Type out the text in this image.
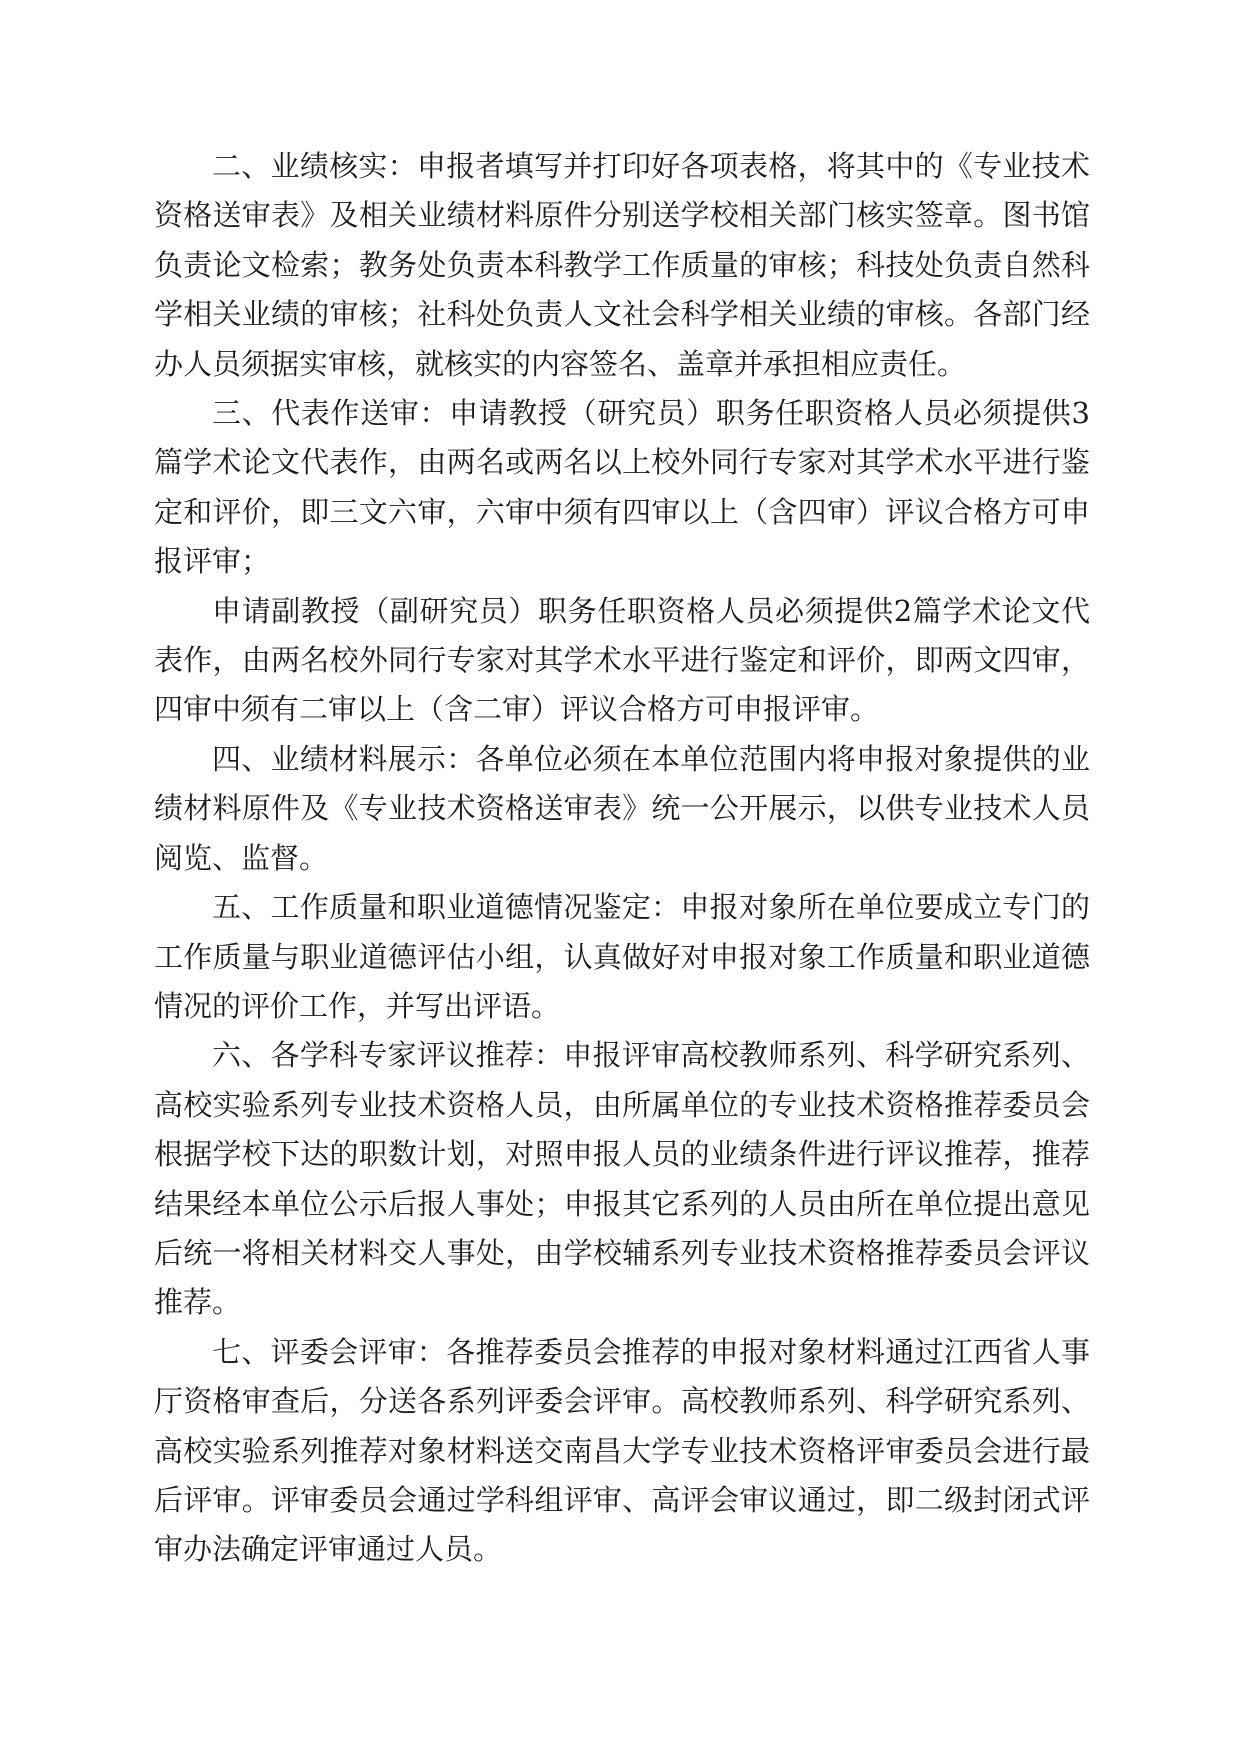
二、业绩核实：申报者填写并打印好各项表格，将其中的《专业技术资格送审表》及相关业绩材料原件分别送学校相关部门核实签章。图书馆负责论文检索；教务处负责本科教学工作质量的审核；科技处负责自然科学相关业绩的审核；社科处负责人文社会科学相关业绩的审核。各部门经办人员须据实审核，就核实的内容签名、盖章并承担相应责任。

三、代表作送审：申请教授（研究员）职务任职资格人员必须提供3篇学术论文代表作，由两名或两名以上校外同行专家对其学术水平进行鉴定和评价，即三文六审，六审中须有四审以上（含四审）评议合格方可申报评审；

申请副教授（副研究员）职务任职资格人员必须提供2篇学术论文代表作，由两名校外同行专家对其学术水平进行鉴定和评价，即两文四审，四审中须有二审以上（含二审）评议合格方可申报评审。

四、业绩材料展示：各单位必须在本单位范围内将申报对象提供的业绩材料原件及《专业技术资格送审表》统一公开展示，以供专业技术人员阅览、监督。

五、工作质量和职业道德情况鉴定：申报对象所在单位要成立专门的工作质量与职业道德评估小组，认真做好对申报对象工作质量和职业道德情况的评价工作，并写出评语。

六、各学科专家评议推荐：申报评审高校教师系列、科学研究系列、高校实验系列专业技术资格人员，由所属单位的专业技术资格推荐委员会根据学校下达的职数计划，对照申报人员的业绩条件进行评议推荐，推荐结果经本单位公示后报人事处；申报其它系列的人员由所在单位提出意见后统一将相关材料交人事处，由学校辅系列专业技术资格推荐委员会评议推荐。

七、评委会评审：各推荐委员会推荐的申报对象材料通过江西省人事厅资格审查后，分送各系列评委会评审。高校教师系列、科学研究系列、高校实验系列推荐对象材料送交南昌大学专业技术资格评审委员会进行最后评审。评审委员会通过学科组评审、高评会审议通过，即二级封闭式评审办法确定评审通过人员。
